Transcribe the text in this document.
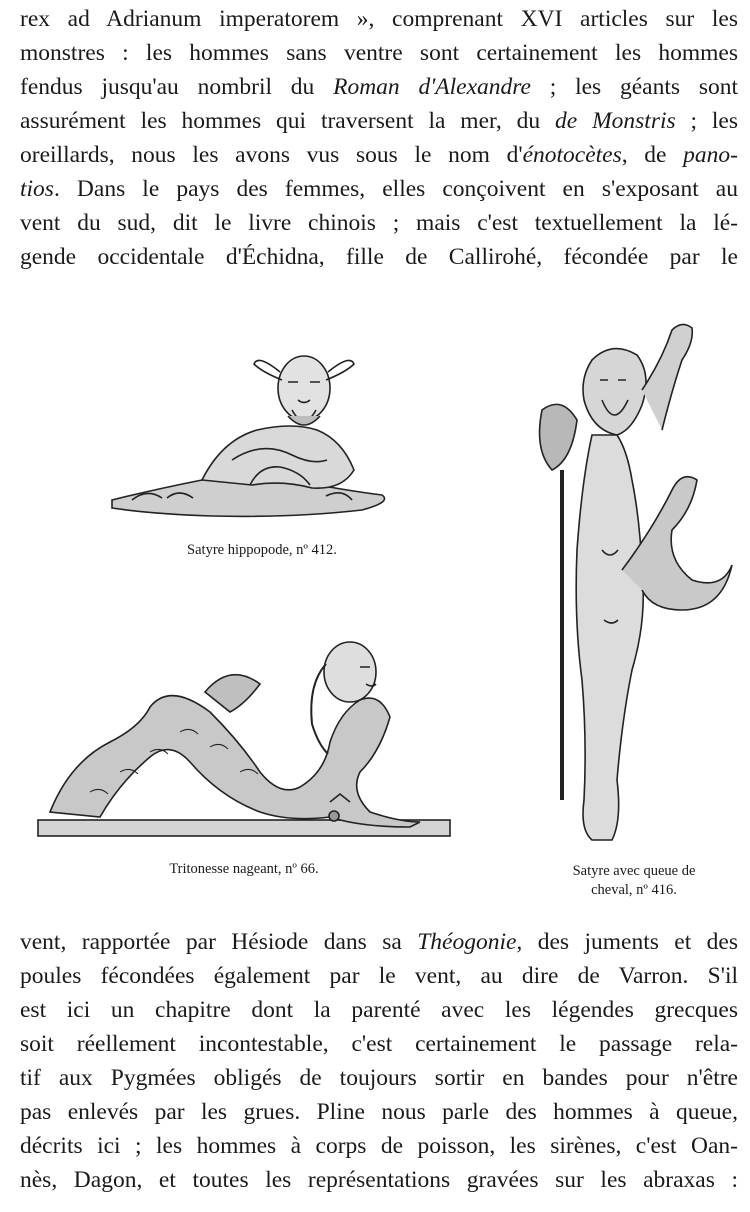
rex ad Adrianum imperatorem », comprenant XVI articles sur les
monstres : les hommes sans ventre sont certainement les hommes
fendus jusqu'au nombril du Roman d'Alexandre ; les géants sont
assurément les hommes qui traversent la mer, du de Monstris ; les
oreillards, nous les avons vus sous le nom d'énotocètes, de pano-
tios. Dans le pays des femmes, elles conçoivent en s'exposant au
vent du sud, dit le livre chinois ; mais c'est textuellement la lé-
gende occidentale d'Échidna, fille de Callirohé, fécondée par le
Satyre hippopode, nº 412.
Tritonesse nageant, nº 66.	Satyre avec queue de
cheval, nº 416.
vent, rapportée par Hésiode dans sa Théogonie, des juments et des
poules fécondées également par le vent, au dire de Varron. S'il
est ici un chapitre dont la parenté avec les légendes grecques
soit réellement incontestable, c'est certainement le passage rela-
tif aux Pygmées obligés de toujours sortir en bandes pour n'être
pas enlevés par les grues. Pline nous parle des hommes à queue,
décrits ici ; les hommes à corps de poisson, les sirènes, c'est Oan-
nès, Dagon, et toutes les représentations gravées sur les abraxas :
